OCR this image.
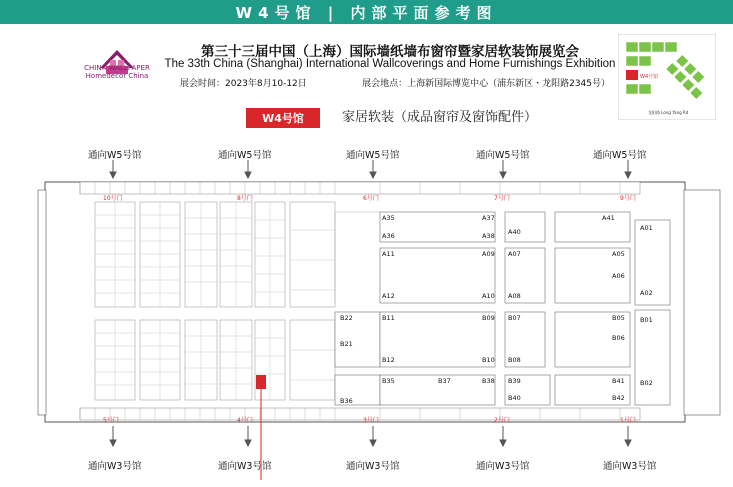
W4号馆 | 内部平面参考图
CHINA WALLPAPER
Homedecor China
第三十三届中国（上海）国际墙纸墙布窗帘暨家居软装饰展览会
The 33th China (Shanghai) International Wallcoverings and Home Furnishings Exhibition
展会时间：2023年8月10-12日	展会地点：上海新国际博览中心（浦东新区・龙阳路2345号）
W4号馆	家居软装（成品窗帘及窗饰配件）
W4号馆
龙阳路 Long Yang Rd
A35	A37
A36	A38
A11	A09
A12	A10
A40
A41
A07	A05
A08
A06
A01
A02
B22
B21
B11	B09
B12	B10
B35	B37
B36
B38
B07	B05
B08
B06
B01
B02
B39	B41
B40	B42
10号门	8号门	6号门	7号门	9号门
5号门	4号门	3号门	2号门	1号门
通向W5号馆	通向W5号馆	通向W5号馆	通向W5号馆	通向W5号馆
通向W3号馆	通向W3号馆	通向W3号馆	通向W3号馆	通向W3号馆
